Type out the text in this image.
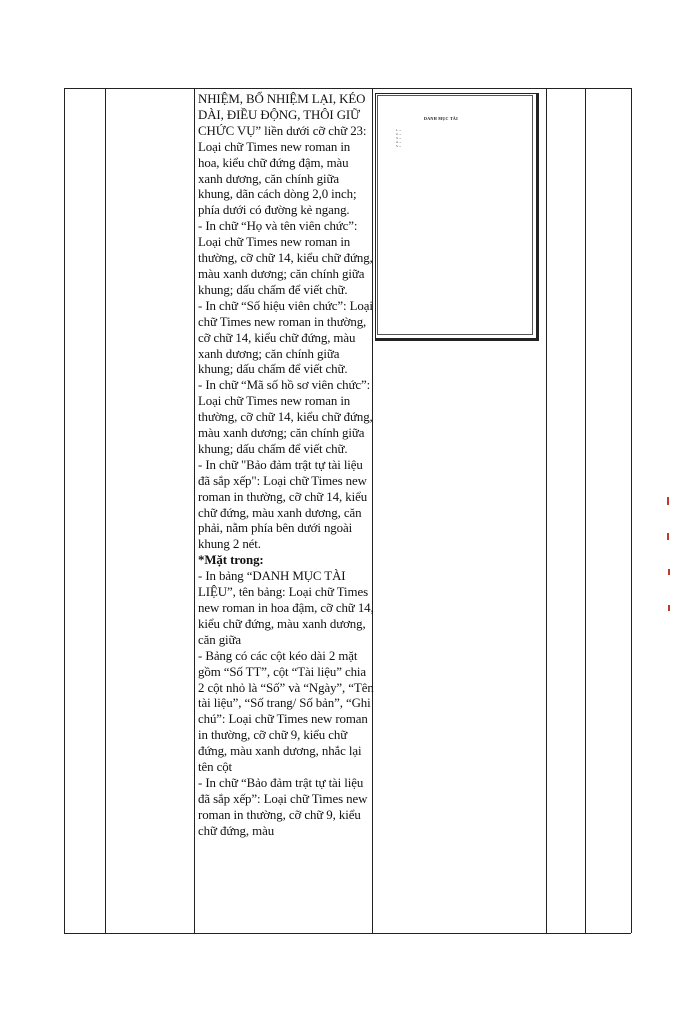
NHIỆM, BỔ NHIỆM LẠI, KÉO DÀI, ĐIỀU ĐỘNG, THÔI GIỮ CHỨC VỤ” liền dưới cỡ chữ 23: Loại chữ Times new roman in hoa, kiểu chữ đứng đậm, màu xanh dương, căn chính giữa khung, dãn cách dòng 2,0 inch; phía dưới có đường kẻ ngang.

- In chữ “Họ và tên viên chức”: Loại chữ Times new roman in thường, cỡ chữ 14, kiểu chữ đứng, màu xanh dương; căn chính giữa khung; dấu chấm để viết chữ.

- In chữ “Số hiệu viên chức”: Loại chữ Times new roman in thường, cỡ chữ 14, kiểu chữ đứng, màu xanh dương; căn chính giữa khung; dấu chấm để viết chữ.

- In chữ “Mã số hồ sơ viên chức”: Loại chữ Times new roman in thường, cỡ chữ 14, kiểu chữ đứng, màu xanh dương; căn chính giữa khung; dấu chấm để viết chữ.

- In chữ "Bảo đảm trật tự tài liệu đã sắp xếp": Loại chữ Times new roman in thường, cỡ chữ 14, kiểu chữ đứng, màu xanh dương, căn phải, nằm phía bên dưới ngoài khung 2 nét.

*Mặt trong:

- In bảng “DANH MỤC TÀI LIỆU”, tên bảng: Loại chữ Times new roman in hoa đậm, cỡ chữ 14, kiểu chữ đứng, màu xanh dương, căn giữa

- Bảng có các cột kéo dài 2 mặt gồm “Số TT”, cột “Tài liệu” chia 2 cột nhỏ là “Số” và “Ngày”, “Tên tài liệu”, “Số trang/ Số bản”, “Ghi chú”: Loại chữ Times new roman in thường, cỡ chữ 9, kiểu chữ đứng, màu xanh dương, nhắc lại tên cột

- In chữ “Bảo đảm trật tự tài liệu đã sắp xếp”: Loại chữ Times new roman in thường, cỡ chữ 9, kiểu chữ đứng, màu

DANH MỤC TÀI
1. ...
2. ...
3. ...
4. ...
5. ...
